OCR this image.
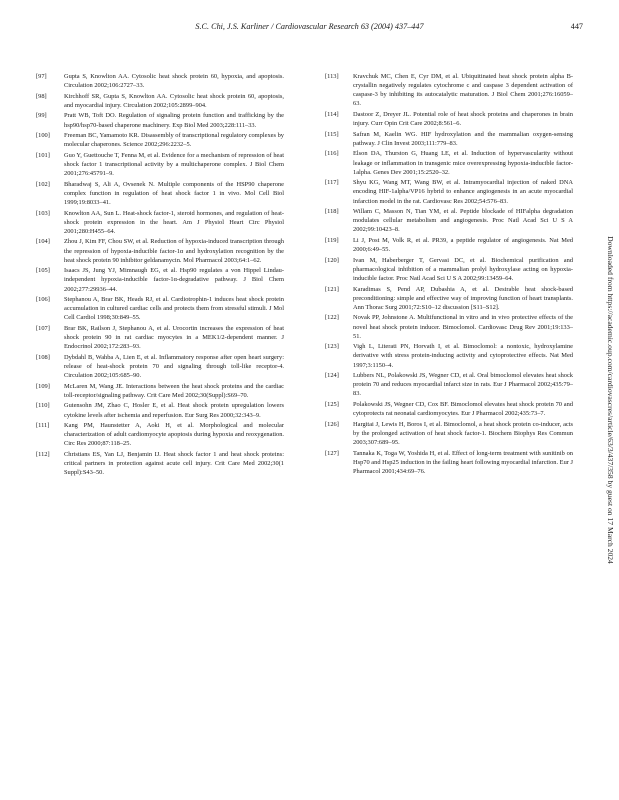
S.C. Chi, J.S. Karliner / Cardiovascular Research 63 (2004) 437–447	447
[97]	Gupta S, Knowlton AA. Cytosolic heat shock protein 60, hypoxia, and apoptosis. Circulation 2002;106:2727–33.
[98]	Kirchhoff SR, Gupta S, Knowlton AA. Cytosolic heat shock protein 60, apoptosis, and myocardial injury. Circulation 2002;105:2899–904.
[99]	Pratt WB, Toft DO. Regulation of signaling protein function and trafficking by the hsp90/hsp70-based chaperone machinery. Exp Biol Med 2003;228:111–33.
[100]	Freeman BC, Yamamoto KR. Disassembly of transcriptional regulatory complexes by molecular chaperones. Science 2002;296:2232–5.
[101]	Guo Y, Guettouche T, Fenna M, et al. Evidence for a mechanism of repression of heat shock factor 1 transcriptional activity by a multichaperone complex. J Biol Chem 2001;276:45791–9.
[102]	Bharadwaj S, Ali A, Ovsenek N. Multiple components of the HSP90 chaperone complex function in regulation of heat shock factor 1 in vivo. Mol Cell Biol 1999;19:8033–41.
[103]	Knowlton AA, Sun L. Heat-shock factor-1, steroid hormones, and regulation of heat-shock protein expression in the heart. Am J Physiol Heart Circ Physiol 2001;280:H455–64.
[104]	Zhou J, Kim FF, Chou SW, et al. Reduction of hypoxia-induced transcription through the repression of hypoxia-inducible factor-1α and hydroxylation recognition by the heat shock protein 90 inhibitor geldanamycin. Mol Pharmacol 2003;64:1–62.
[105]	Isaacs JS, Jung YJ, Mimnaugh EG, et al. Hsp90 regulates a von Hippel Lindau-independent hypoxia-inducible factor-1α-degradative pathway. J Biol Chem 2002;277:29936–44.
[106]	Stephanou A, Brar BK, Heads RJ, et al. Cardiotrophin-1 induces heat shock protein accumulation in cultured cardiac cells and protects them from stressful stimuli. J Mol Cell Cardiol 1998;30:849–55.
[107]	Brar BK, Railson J, Stephanou A, et al. Urocortin increases the expression of heat shock protein 90 in rat cardiac myocytes in a MEK1/2-dependent manner. J Endocrinol 2002;172:283–93.
[108]	Dybdahl B, Wahba A, Lien E, et al. Inflammatory response after open heart surgery: release of heat-shock protein 70 and signaling through toll-like receptor-4. Circulation 2002;105:685–90.
[109]	McLaren M, Wang JE. Interactions between the heat shock proteins and the cardiac toll-receptor/signaling pathway. Crit Care Med 2002;30(Suppl):S69–70.
[110]	Gutensohn JM, Zhao C, Hosler E, et al. Heat shock protein upregulation lowers cytokine levels after ischemia and reperfusion. Eur Surg Res 2000;32:343–9.
[111]	Kang PM, Haunstetter A, Aoki H, et al. Morphological and molecular characterization of adult cardiomyocyte apoptosis during hypoxia and reoxygenation. Circ Res 2000;87:118–25.
[112]	Christians ES, Yan LJ, Benjamin IJ. Heat shock factor 1 and heat shock proteins: critical partners in protection against acute cell injury. Crit Care Med 2002;30(1 Suppl):S43–50.
[113]	Kravchuk MC, Chen E, Cyr DM, et al. Ubiquitinated heat shock protein alpha B-crystallin negatively regulates cytochrome c and caspase 3 dependent activation of caspase-3 by inhibiting its autocatalytic maturation. J Biol Chem 2001;276:16059–63.
[114]	Dastoor Z, Dreyer JL. Potential role of heat shock proteins and chaperones in brain injury. Curr Opin Crit Care 2002;8:561–6.
[115]	Safran M, Kaelin WG. HIF hydroxylation and the mammalian oxygen-sensing pathway. J Clin Invest 2003;111:779–83.
[116]	Elson DA, Thurston G, Huang LE, et al. Induction of hypervascularity without leakage or inflammation in transgenic mice overexpressing hypoxia-inducible factor-1alpha. Genes Dev 2001;15:2520–32.
[117]	Shyu KG, Wang MT, Wang BW, et al. Intramyocardial injection of naked DNA encoding HIF-1alpha/VP16 hybrid to enhance angiogenesis in an acute myocardial infarction model in the rat. Cardiovasc Res 2002;54:576–83.
[118]	Willam C, Masson N, Tian YM, et al. Peptide blockade of HIFalpha degradation modulates cellular metabolism and angiogenesis. Proc Natl Acad Sci U S A 2002;99:10423–8.
[119]	Li J, Post M, Volk R, et al. PR39, a peptide regulator of angiogenesis. Nat Med 2000;6:49–55.
[120]	Ivan M, Haberberger T, Gervasi DC, et al. Biochemical purification and pharmacological inhibition of a mammalian prolyl hydroxylase acting on hypoxia-inducible factor. Proc Natl Acad Sci U S A 2002;99:13459–64.
[121]	Karadimas S, Pend AP, Dubashia A, et al. Desirable heat shock-based preconditioning: simple and effective way of improving function of heart transplants. Ann Thorac Surg 2001;72:S10–12 discussion [S11–S12].
[122]	Novak PP, Johnstone A. Multifunctional in vitro and in vivo protective effects of the novel heat shock protein inducer. Bimoclomol. Cardiovasc Drug Rev 2001;19:133–51.
[123]	Vigh L, Literati PN, Horvath I, et al. Bimoclomol: a nontoxic, hydroxylamine derivative with stress protein-inducing activity and cytoprotective effects. Nat Med 1997;3:1150–4.
[124]	Lubbers NL, Polakowski JS, Wegner CD, et al. Oral bimoclomol elevates heat shock protein 70 and reduces myocardial infarct size in rats. Eur J Pharmacol 2002;435:79–83.
[125]	Polakowski JS, Wegner CD, Cox BF. Bimoclomol elevates heat shock protein 70 and cytoprotects rat neonatal cardiomyocytes. Eur J Pharmacol 2002;435:73–7.
[126]	Hargitai J, Lewis H, Boros I, et al. Bimoclomol, a heat shock protein co-inducer, acts by the prolonged activation of heat shock factor-1. Biochem Biophys Res Commun 2003;307:689–95.
[127]	Tannaka K, Toga W, Yoshida H, et al. Effect of long-term treatment with sunitinib on Hsp70 and Hsp25 induction in the failing heart following myocardial infarction. Eur J Pharmacol 2001;434:69–76.	Downloaded from https://academic.oup.com/cardiovascres/article/63/3/437/358 by guest on 17 March 2024
